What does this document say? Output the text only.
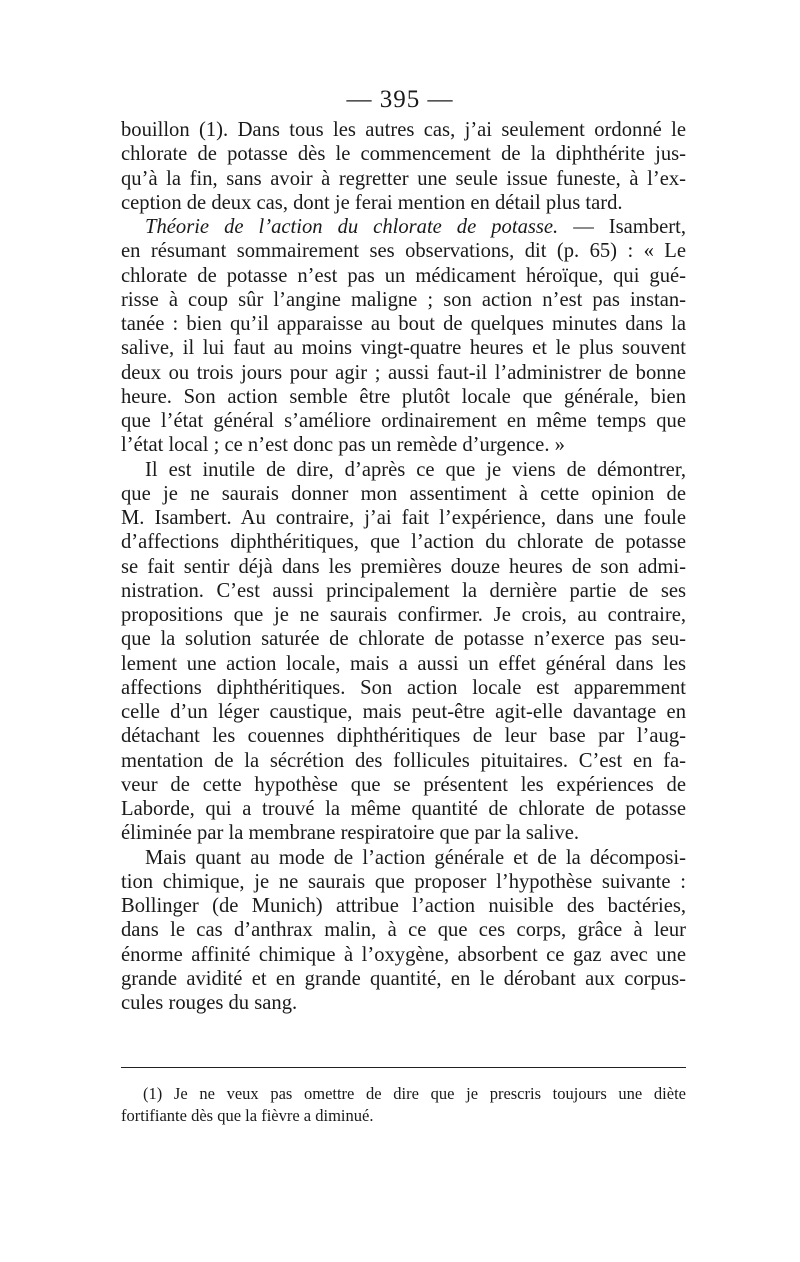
— 395 —
bouillon (1). Dans tous les autres cas, j’ai seulement ordonné le
chlorate de potasse dès le commencement de la diphthérite jus-
qu’à la fin, sans avoir à regretter une seule issue funeste, à l’ex-
ception de deux cas, dont je ferai mention en détail plus tard.
Théorie de l’action du chlorate de potasse. — Isambert,
en résumant sommairement ses observations, dit (p. 65) : « Le
chlorate de potasse n’est pas un médicament héroïque, qui gué-
risse à coup sûr l’angine maligne ; son action n’est pas instan-
tanée : bien qu’il apparaisse au bout de quelques minutes dans la
salive, il lui faut au moins vingt-quatre heures et le plus souvent
deux ou trois jours pour agir ; aussi faut-il l’administrer de bonne
heure. Son action semble être plutôt locale que générale, bien
que l’état général s’améliore ordinairement en même temps que
l’état local ; ce n’est donc pas un remède d’urgence. »
Il est inutile de dire, d’après ce que je viens de démontrer,
que je ne saurais donner mon assentiment à cette opinion de
M. Isambert. Au contraire, j’ai fait l’expérience, dans une foule
d’affections diphthéritiques, que l’action du chlorate de potasse
se fait sentir déjà dans les premières douze heures de son admi-
nistration. C’est aussi principalement la dernière partie de ses
propositions que je ne saurais confirmer. Je crois, au contraire,
que la solution saturée de chlorate de potasse n’exerce pas seu-
lement une action locale, mais a aussi un effet général dans les
affections diphthéritiques. Son action locale est apparemment
celle d’un léger caustique, mais peut-être agit-elle davantage en
détachant les couennes diphthéritiques de leur base par l’aug-
mentation de la sécrétion des follicules pituitaires. C’est en fa-
veur de cette hypothèse que se présentent les expériences de
Laborde, qui a trouvé la même quantité de chlorate de potasse
éliminée par la membrane respiratoire que par la salive.
Mais quant au mode de l’action générale et de la décomposi-
tion chimique, je ne saurais que proposer l’hypothèse suivante :
Bollinger (de Munich) attribue l’action nuisible des bactéries,
dans le cas d’anthrax malin, à ce que ces corps, grâce à leur
énorme affinité chimique à l’oxygène, absorbent ce gaz avec une
grande avidité et en grande quantité, en le dérobant aux corpus-
cules rouges du sang.
(1) Je ne veux pas omettre de dire que je prescris toujours une diète
fortifiante dès que la fièvre a diminué.
